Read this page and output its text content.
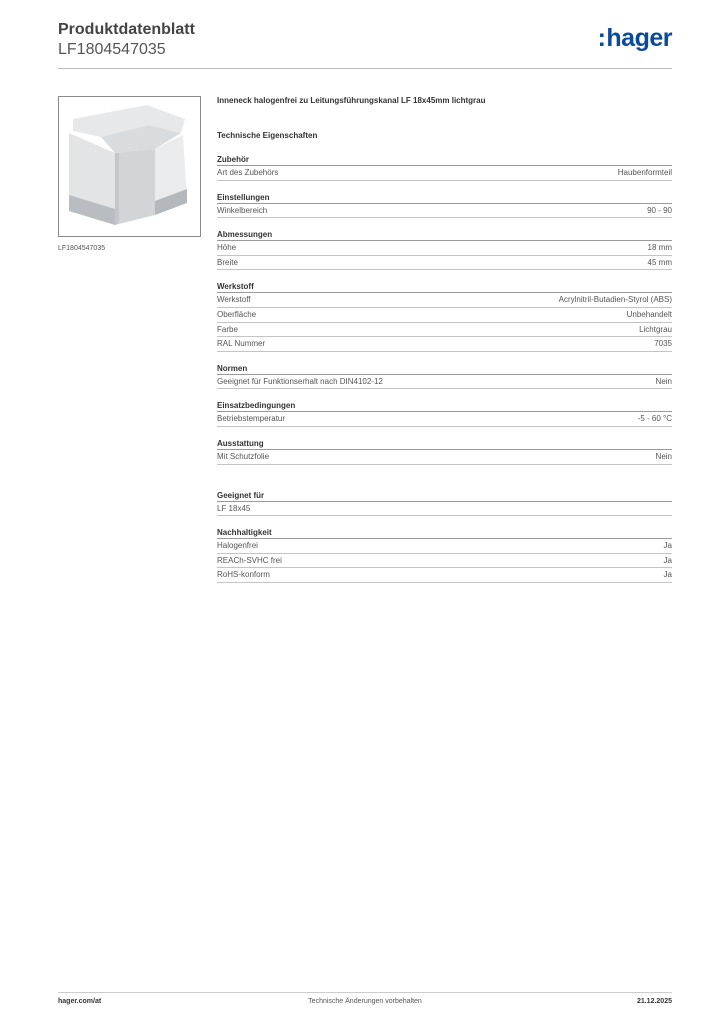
Produktdatenblatt
LF1804547035	:hager
LF1804547035
Inneneck halogenfrei zu Leitungsführungskanal LF 18x45mm lichtgrau
Technische Eigenschaften
Zubehör
Art des Zubehörs	Haubenformteil
Einstellungen
Winkelbereich	90 - 90
Abmessungen
Höhe	18 mm
Breite	45 mm
Werkstoff
Werkstoff	Acrylnitril-Butadien-Styrol (ABS)
Oberfläche	Unbehandelt
Farbe	Lichtgrau
RAL Nummer	7035
Normen
Geeignet für Funktionserhalt nach DIN4102-12	Nein
Einsatzbedingungen
Betriebstemperatur	-5 - 60 °C
Ausstattung
Mit Schutzfolie	Nein
Geeignet für
LF 18x45
Nachhaltigkeit
Halogenfrei	Ja
REACh-SVHC frei	Ja
RoHS-konform	Ja
hager.com/at	Technische Änderungen vorbehalten	21.12.2025
